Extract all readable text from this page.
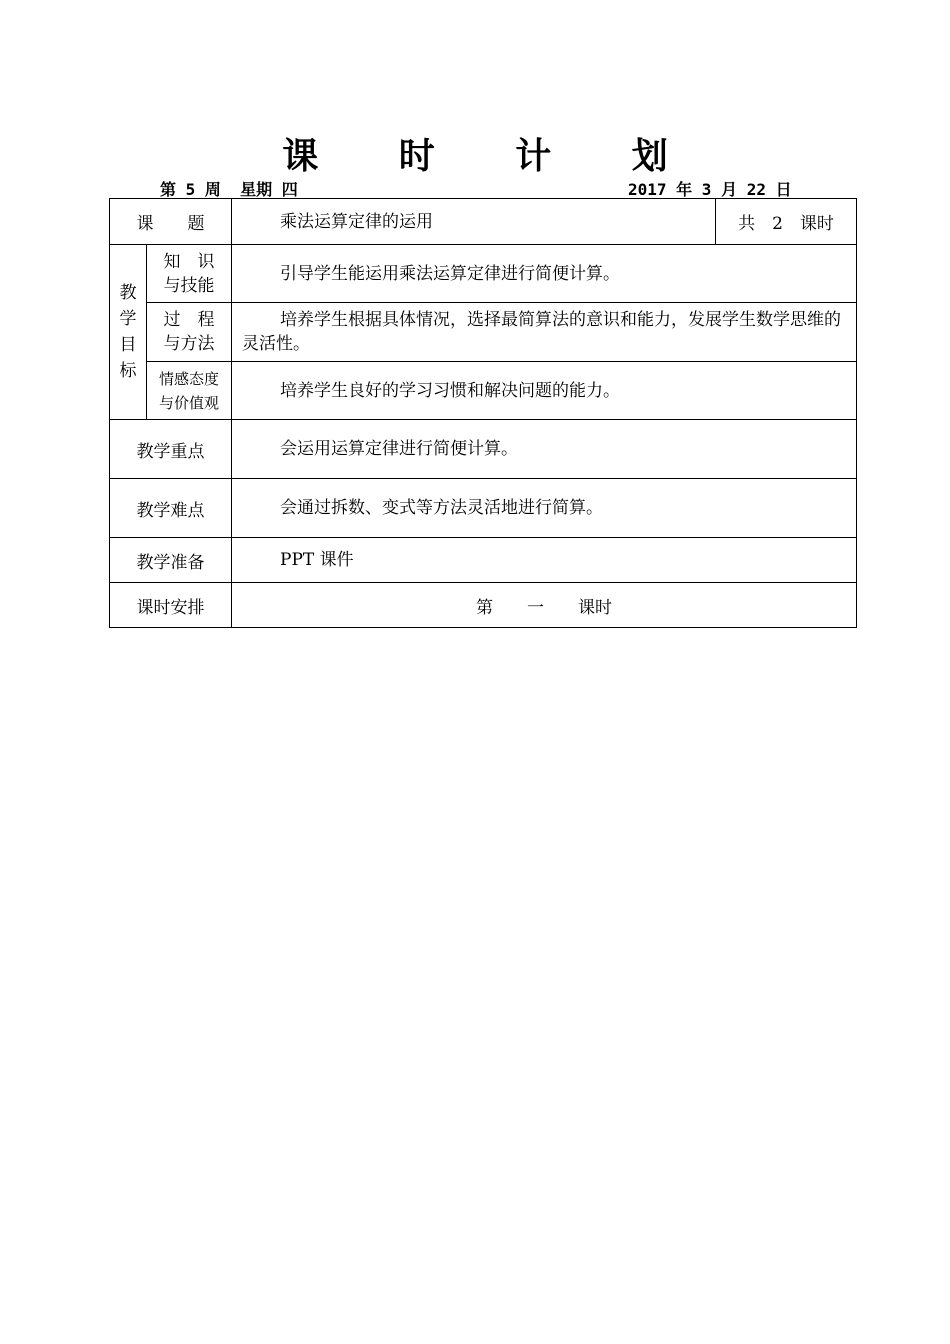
课 时 计 划
第 5 周  星期 四	2017 年 3 月 22 日
课　　题		乘法运算定律的运用	共　2　课时

教学目标	知　识与技能	引导学生能运用乘法运算定律进行简便计算。	

	过　程与方法	培养学生根据具体情况，选择最简算法的意识和能力，发展学生数学思维的灵活性。	

	情感态度与价值观	培养学生良好的学习习惯和解决问题的能力。	
教学重点		会运用运算定律进行简便计算。	
教学难点		会通过拆数、变式等方法灵活地进行简算。	
教学准备		PPT 课件	
课时安排		第　　一　　课时	
